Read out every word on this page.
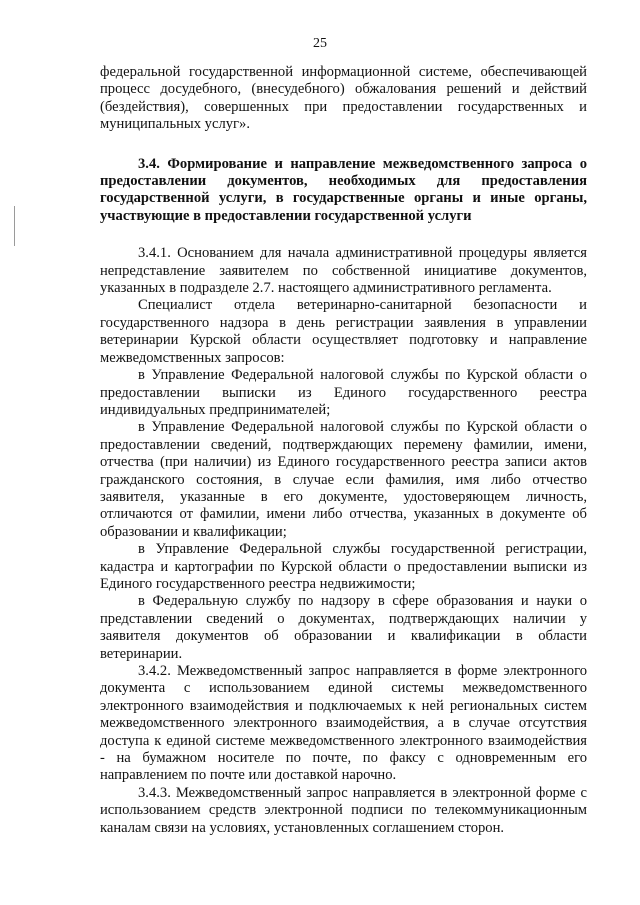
25

федеральной государственной информационной системе, обеспечивающей процесс досудебного, (внесудебного) обжалования решений и действий (бездействия), совершенных при предоставлении государственных и муниципальных услуг».

3.4. Формирование и направление межведомственного запроса о предоставлении документов, необходимых для предоставления государственной услуги, в государственные органы и иные органы, участвующие в предоставлении государственной услуги

3.4.1. Основанием для начала административной процедуры является непредставление заявителем по собственной инициативе документов, указанных в подразделе 2.7. настоящего административного регламента.

Специалист отдела ветеринарно-санитарной безопасности и государственного надзора в день регистрации заявления в управлении ветеринарии Курской области осуществляет подготовку и направление межведомственных запросов:

в Управление Федеральной налоговой службы по Курской области о предоставлении выписки из Единого государственного реестра индивидуальных предпринимателей;

в Управление Федеральной налоговой службы по Курской области о предоставлении сведений, подтверждающих перемену фамилии, имени, отчества (при наличии) из Единого государственного реестра записи актов гражданского состояния, в случае если фамилия, имя либо отчество заявителя, указанные в его документе, удостоверяющем личность, отличаются от фамилии, имени либо отчества, указанных в документе об образовании и квалификации;

в Управление Федеральной службы государственной регистрации, кадастра и картографии по Курской области о предоставлении выписки из Единого государственного реестра недвижимости;

в Федеральную службу по надзору в сфере образования и науки о представлении сведений о документах, подтверждающих наличии у заявителя документов об образовании и квалификации в области ветеринарии.

3.4.2. Межведомственный запрос направляется в форме электронного документа с использованием единой системы межведомственного электронного взаимодействия и подключаемых к ней региональных систем межведомственного электронного взаимодействия, а в случае отсутствия доступа к единой системе межведомственного электронного взаимодействия - на бумажном носителе по почте, по факсу с одновременным его направлением по почте или доставкой нарочно.

3.4.3. Межведомственный запрос направляется в электронной форме с использованием средств электронной подписи по телекоммуникационным каналам связи на условиях, установленных соглашением сторон.
